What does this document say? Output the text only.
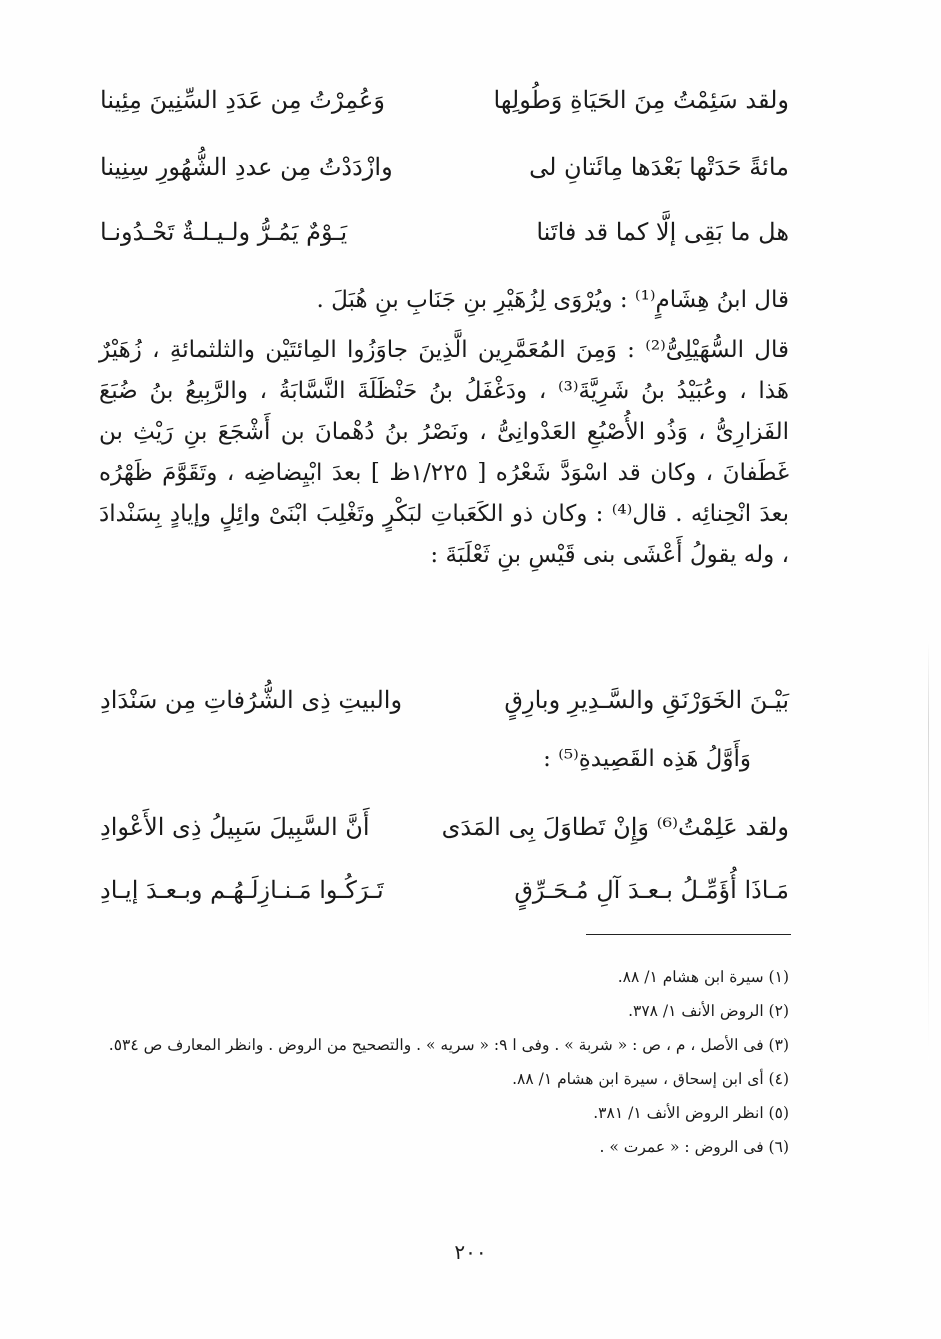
ولقد سَئِمْتُ مِنَ الحَيَاةِ وَطُولِها
وَعُمِرْتُ مِن عَدَدِ السِّنِينَ مِئِينا
مائةً حَدَتْها بَعْدَها مِائَتانِ لى
وازْدَدْتُ مِن عددِ الشُّهُورِ سِنِينا
هل ما بَقِى إلَّا كما قد فاتَنا
يَـوْمٌ يَمُـرُّ ولـيـلـةٌ تَحْـدُونـا

قال ابنُ هِشَامٍ⁽¹⁾ : ويُرْوَى لِزُهَيْرِ بنِ جَنَابِ بنِ هُبَلَ .

قال السُّهَيْلِىُّ⁽²⁾ : وَمِنَ المُعَمَّرِين الَّذِينَ جاوَزُوا المِائتَيْن والثلثمائةِ ، زُهَيْرٌ هَذا ، وعُبَيْدُ بنُ شَرِيَّةَ⁽³⁾ ، ودَغْفَلُ بنُ حَنْظَلَةَ النَّسَّابَةُ ، والرَّبِيعُ بنُ ضُبَعَ الفَزارِىُّ ، وَذُو الأُصْبُعِ العَدْوانِىُّ ، ونَصْرُ بنُ دُهْمانَ بن أَشْجَعَ بنِ رَيْثِ بن غَطَفانَ ، وكان قد اسْوَدَّ شَعْرُه [ ١/٢٢٥ظ ] بعدَ ابْيِضاضِه ، وتَقَوَّمَ ظَهْرُه بعدَ انْحِنائِه . قال⁽⁴⁾ : وكان ذو الكَعَباتِ لبَكْرٍ وتَغْلِبَ ابْنَىْ وائِلٍ وإيادٍ بِسَنْدادَ ، وله يقولُ أَعْشَى بنى قَيْسِ بنِ ثَعْلَبَةَ :

بَيْـنَ الخَوَرْنَقِ والسَّـدِيرِ وبارِقٍ
والبيتِ ذِى الشُّرُفاتِ مِن سَنْدَادِ
وَأَوَّلُ هَذِه القَصِيدةِ⁽⁵⁾ :
ولقد عَلِمْتُ⁽⁶⁾ وَإِنْ تَطاوَلَ بِى المَدَى
أَنَّ السَّبِيلَ سَبِيلُ ذِى الأَعْوادِ
مَـاذَا أُؤَمِّـلُ بـعـدَ آلِ مُـحَـرِّقٍ
تَـرَكُـوا مَـنـازِلَـهُـم وبـعـدَ إيـادِ

(١) سيرة ابن هشام ١/ ٨٨.

(٢) الروض الأنف ١/ ٣٧٨.

(٣) فى الأصل ، م ، ص : « شربة » . وفى ا ٩: « سريه » . والتصحيح من الروض . وانظر المعارف ص ٥٣٤.

(٤) أى ابن إسحاق ، سيرة ابن هشام ١/ ٨٨.

(٥) انظر الروض الأنف ١/ ٣٨١.

(٦) فى الروض : « عمرت » .

٢٠٠
